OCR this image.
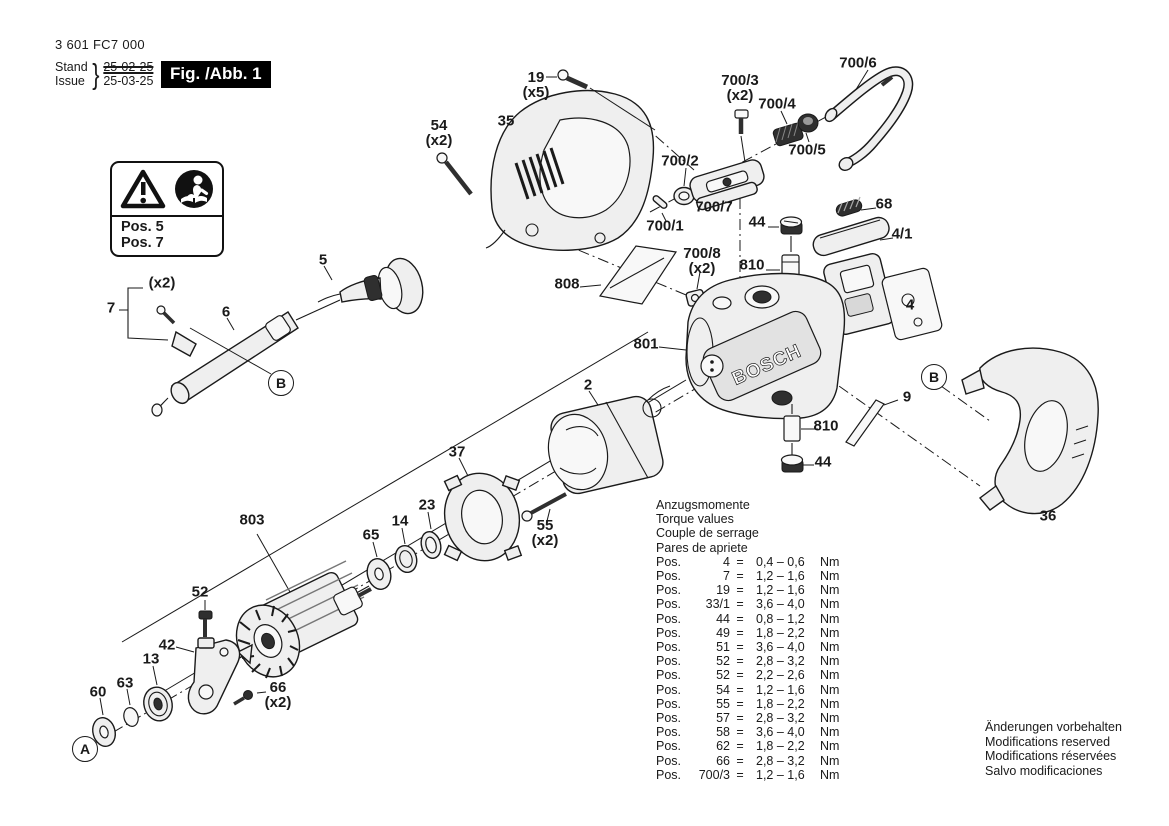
BOSCH
3 601 FC7 000
Stand
Issue } 25-02-25
25-03-25 Fig. /Abb. 1
Pos. 5
Pos. 7
19
(x5)
35
54
(x2)
700/3
(x2) 700/4
700/6
700/5
700/2
700/7
700/1
68
44
810
4/1
700/8
(x2)
808
801
4
5
7
(x2)
6
2
9
810
44
36
37
23
14
65
55
(x2)
803
52
42
13
63
60	66
(x2)
A
B	B
Anzugsmomente
Torque values
Couple de serrage
Pares de apriete
Pos.	4 = 0,4 – 0,6	Nm
Pos.	7 = 1,2 – 1,6	Nm
Pos.	19 = 1,2 – 1,6	Nm
Pos.	33/1 = 3,6 – 4,0	Nm
Pos.	44 = 0,8 – 1,2	Nm
Pos.	49 = 1,8 – 2,2	Nm
Pos.	51 = 3,6 – 4,0	Nm
Pos.	52 = 2,8 – 3,2	Nm
Pos.	52 = 2,2 – 2,6	Nm
Pos.	54 = 1,2 – 1,6	Nm
Pos.	55 = 1,8 – 2,2	Nm
Pos.	57 = 2,8 – 3,2	Nm
Pos.	58 = 3,6 – 4,0	Nm
Pos.	62 = 1,8 – 2,2	Nm
Pos.	66 = 2,8 – 3,2	Nm
Pos.	700/3 = 1,2 – 1,6	Nm
Änderungen vorbehalten
Modifications reserved
Modifications réservées
Salvo modificaciones
